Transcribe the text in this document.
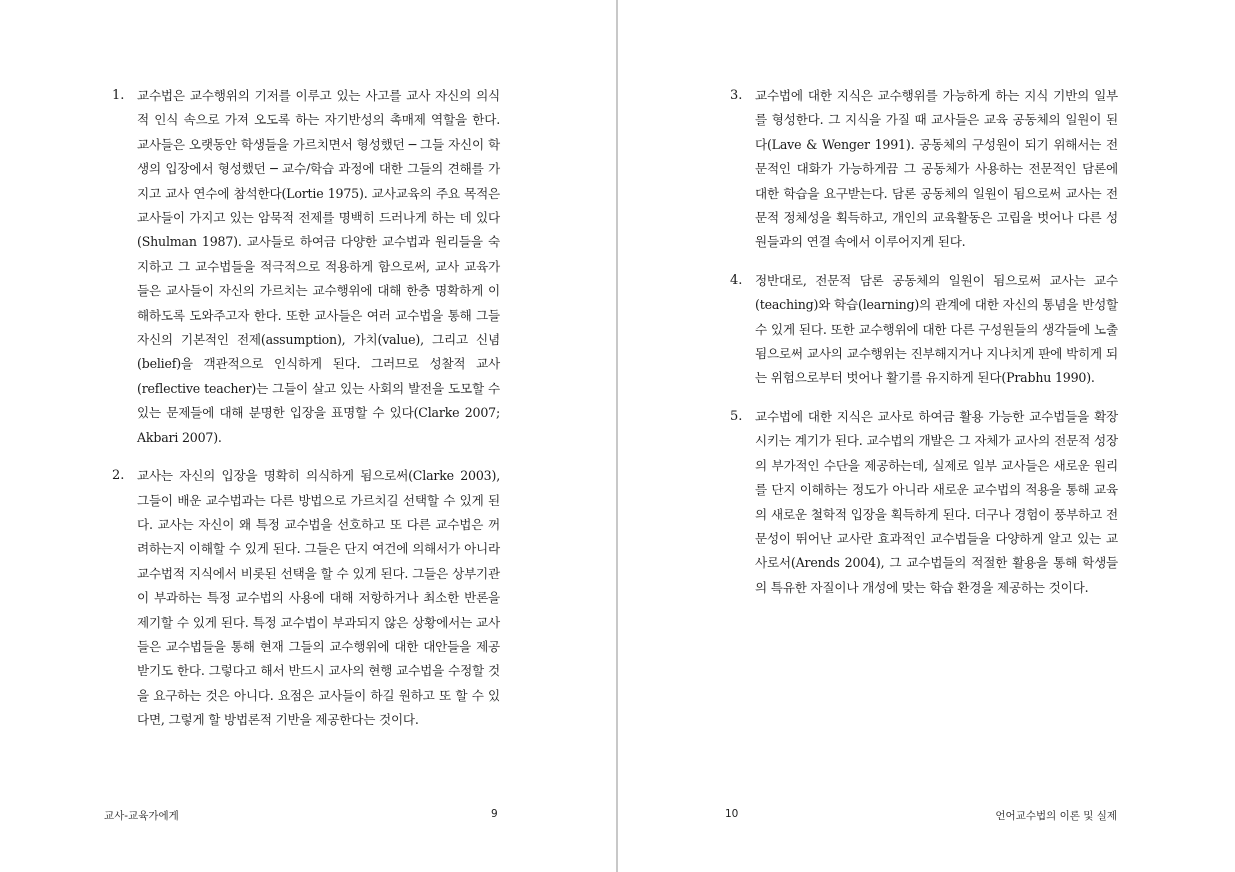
1. 교수법은 교수행위의 기저를 이루고 있는 사고를 교사 자신의 의식적 인식 속으로 가져 오도록 하는 자기반성의 촉매제 역할을 한다. 교사들은 오랫동안 학생들을 가르치면서 형성했던 ─ 그들 자신이 학생의 입장에서 형성했던 ─ 교수/학습 과정에 대한 그들의 견해를 가지고 교사 연수에 참석한다(Lortie 1975). 교사교육의 주요 목적은 교사들이 가지고 있는 암묵적 전제를 명백히 드러나게 하는 데 있다(Shulman 1987). 교사들로 하여금 다양한 교수법과 원리들을 숙지하고 그 교수법들을 적극적으로 적용하게 함으로써, 교사 교육가들은 교사들이 자신의 가르치는 교수행위에 대해 한층 명확하게 이해하도록 도와주고자 한다. 또한 교사들은 여러 교수법을 통해 그들 자신의 기본적인 전제(assumption), 가치(value), 그리고 신념(belief)을 객관적으로 인식하게 된다. 그러므로 성찰적 교사(reflective teacher)는 그들이 살고 있는 사회의 발전을 도모할 수 있는 문제들에 대해 분명한 입장을 표명할 수 있다(Clarke 2007; Akbari 2007).
2. 교사는 자신의 입장을 명확히 의식하게 됨으로써(Clarke 2003), 그들이 배운 교수법과는 다른 방법으로 가르치길 선택할 수 있게 된다. 교사는 자신이 왜 특정 교수법을 선호하고 또 다른 교수법은 꺼려하는지 이해할 수 있게 된다. 그들은 단지 여건에 의해서가 아니라 교수법적 지식에서 비롯된 선택을 할 수 있게 된다. 그들은 상부기관이 부과하는 특정 교수법의 사용에 대해 저항하거나 최소한 반론을 제기할 수 있게 된다. 특정 교수법이 부과되지 않은 상황에서는 교사들은 교수법들을 통해 현재 그들의 교수행위에 대한 대안들을 제공받기도 한다. 그렇다고 해서 반드시 교사의 현행 교수법을 수정할 것을 요구하는 것은 아니다. 요점은 교사들이 하길 원하고 또 할 수 있다면, 그렇게 할 방법론적 기반을 제공한다는 것이다.
교사-교육가에게	9
3. 교수법에 대한 지식은 교수행위를 가능하게 하는 지식 기반의 일부를 형성한다. 그 지식을 가질 때 교사들은 교육 공동체의 일원이 된다(Lave & Wenger 1991). 공동체의 구성원이 되기 위해서는 전문적인 대화가 가능하게끔 그 공동체가 사용하는 전문적인 담론에 대한 학습을 요구받는다. 담론 공동체의 일원이 됨으로써 교사는 전문적 정체성을 획득하고, 개인의 교육활동은 고립을 벗어나 다른 성원들과의 연결 속에서 이루어지게 된다.
4. 정반대로, 전문적 담론 공동체의 일원이 됨으로써 교사는 교수(teaching)와 학습(learning)의 관계에 대한 자신의 통념을 반성할 수 있게 된다. 또한 교수행위에 대한 다른 구성원들의 생각들에 노출됨으로써 교사의 교수행위는 진부해지거나 지나치게 판에 박히게 되는 위험으로부터 벗어나 활기를 유지하게 된다(Prabhu 1990).
5. 교수법에 대한 지식은 교사로 하여금 활용 가능한 교수법들을 확장시키는 계기가 된다. 교수법의 개발은 그 자체가 교사의 전문적 성장의 부가적인 수단을 제공하는데, 실제로 일부 교사들은 새로운 원리를 단지 이해하는 정도가 아니라 새로운 교수법의 적용을 통해 교육의 새로운 철학적 입장을 획득하게 된다. 더구나 경험이 풍부하고 전문성이 뛰어난 교사란 효과적인 교수법들을 다양하게 알고 있는 교사로서(Arends 2004), 그 교수법들의 적절한 활용을 통해 학생들의 특유한 자질이나 개성에 맞는 학습 환경을 제공하는 것이다.
10	언어교수법의 이론 및 실제
